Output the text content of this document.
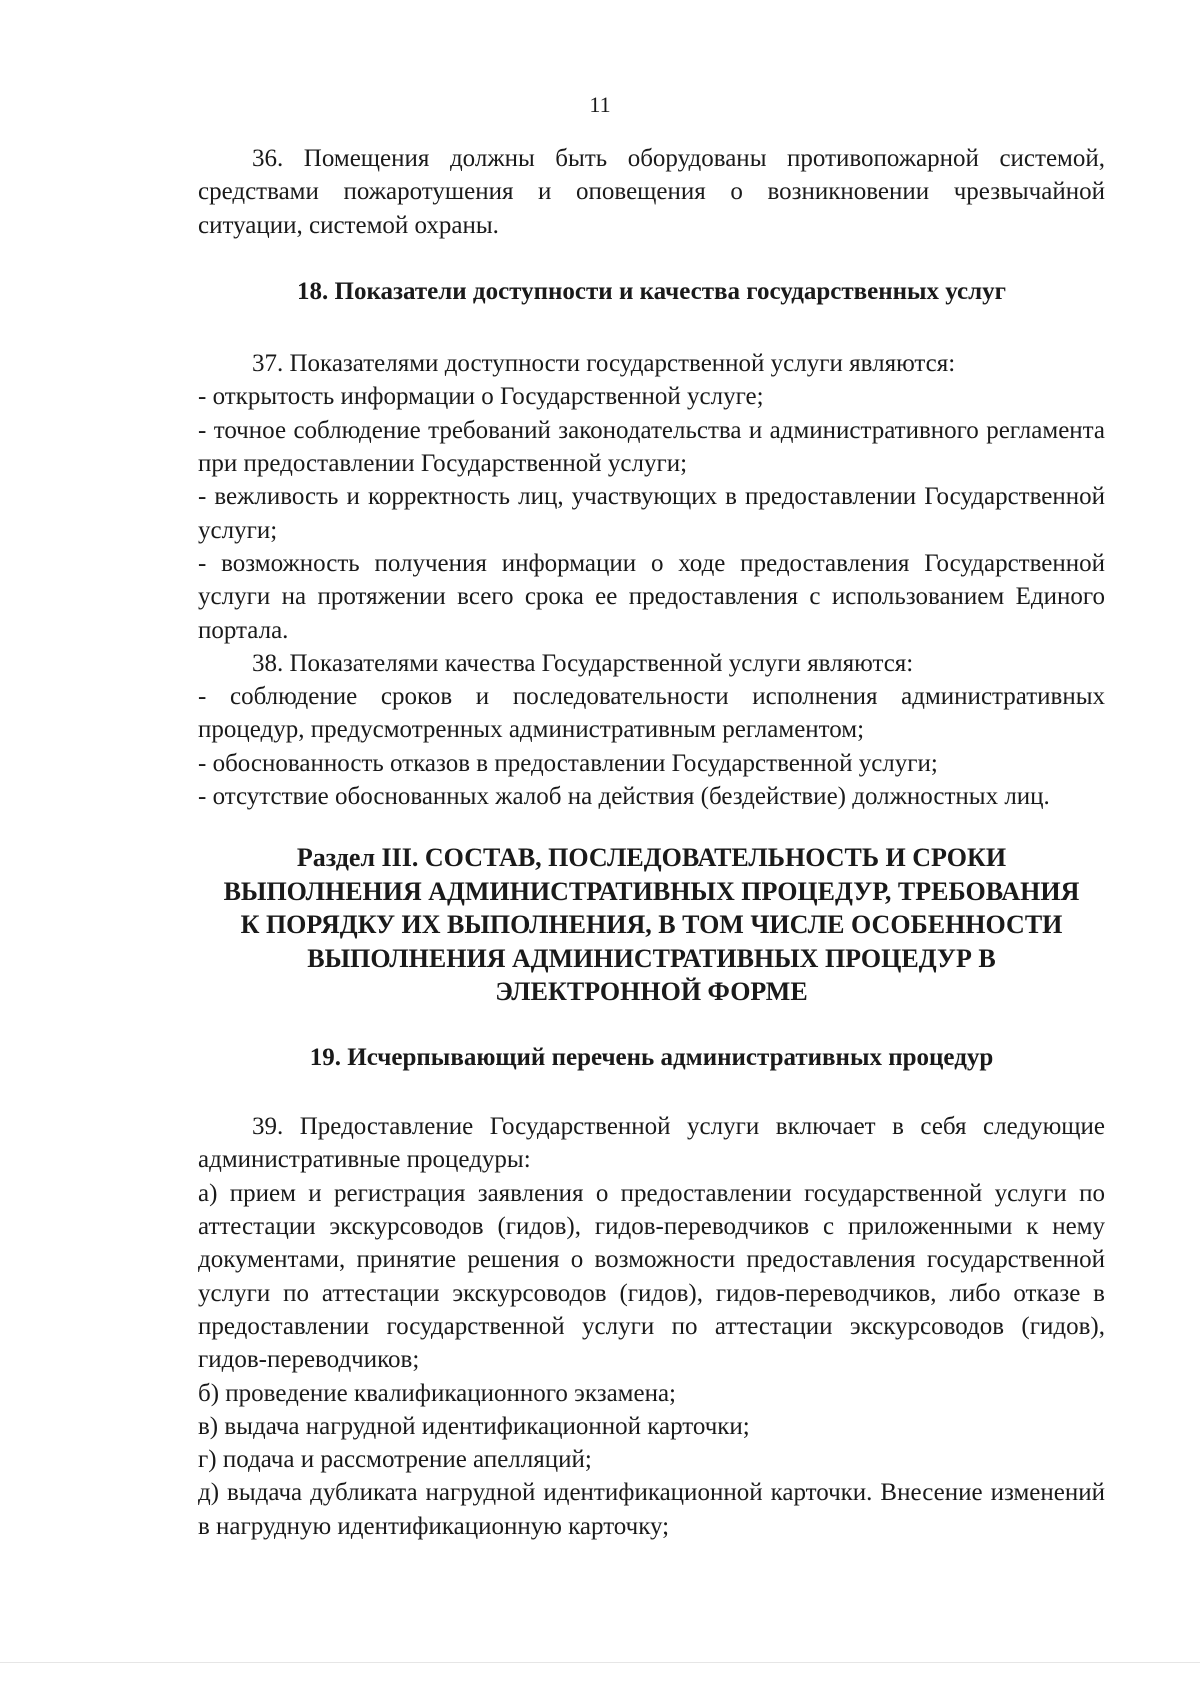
11

36. Помещения должны быть оборудованы противопожарной системой, средствами пожаротушения и оповещения о возникновении чрезвычайной ситуации, системой охраны.

18. Показатели доступности и качества государственных услуг

37. Показателями доступности государственной услуги являются:

- открытость информации о Государственной услуге;

- точное соблюдение требований законодательства и административного регламента при предоставлении Государственной услуги;

- вежливость и корректность лиц, участвующих в предоставлении Государственной услуги;

- возможность получения информации о ходе предоставления Государственной услуги на протяжении всего срока ее предоставления с использованием Единого портала.

38. Показателями качества Государственной услуги являются:

- соблюдение сроков и последовательности исполнения административных процедур, предусмотренных административным регламентом;

- обоснованность отказов в предоставлении Государственной услуги;

- отсутствие обоснованных жалоб на действия (бездействие) должностных лиц.

Раздел III. СОСТАВ, ПОСЛЕДОВАТЕЛЬНОСТЬ И СРОКИ
ВЫПОЛНЕНИЯ АДМИНИСТРАТИВНЫХ ПРОЦЕДУР, ТРЕБОВАНИЯ
К ПОРЯДКУ ИХ ВЫПОЛНЕНИЯ, В ТОМ ЧИСЛЕ ОСОБЕННОСТИ
ВЫПОЛНЕНИЯ АДМИНИСТРАТИВНЫХ ПРОЦЕДУР В
ЭЛЕКТРОННОЙ ФОРМЕ
19. Исчерпывающий перечень административных процедур

39. Предоставление Государственной услуги включает в себя следующие административные процедуры:

а) прием и регистрация заявления о предоставлении государственной услуги по аттестации экскурсоводов (гидов), гидов-переводчиков с приложенными к нему документами, принятие решения о возможности предоставления государственной услуги по аттестации экскурсоводов (гидов), гидов-переводчиков, либо отказе в предоставлении государственной услуги по аттестации экскурсоводов (гидов), гидов-переводчиков;

б) проведение квалификационного экзамена;

в) выдача нагрудной идентификационной карточки;

г) подача и рассмотрение апелляций;

д) выдача дубликата нагрудной идентификационной карточки. Внесение изменений в нагрудную идентификационную карточку;
